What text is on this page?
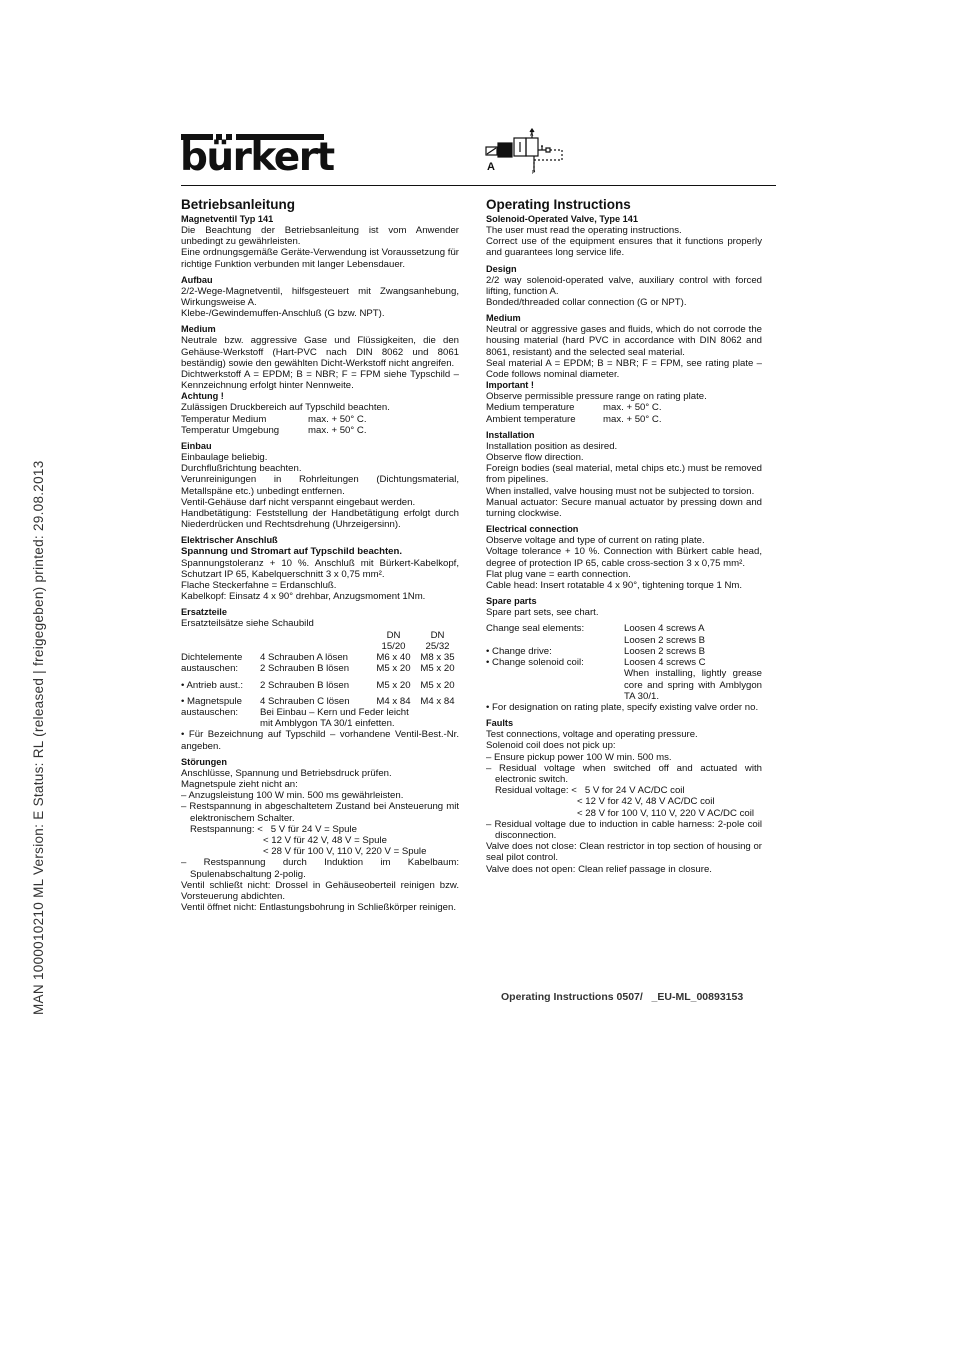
MAN 1000010210 ML Version: E Status: RL (released | freigegeben) printed: 29.08.2013
bürkert	A
A
P
Betriebsanleitung
Magnetventil Typ 141
Die Beachtung der Betriebsanleitung ist vom Anwender unbedingt zu gewährleisten.
Eine ordnungsgemäße Geräte-Verwendung ist Voraussetzung für richtige Funktion verbunden mit langer Lebensdauer.
Aufbau
2/2-Wege-Magnetventil, hilfsgesteuert mit Zwangsanhebung, Wirkungsweise A.
Klebe-/Gewindemuffen-Anschluß (G bzw. NPT).
Medium
Neutrale bzw. aggressive Gase und Flüssigkeiten, die den Gehäuse-Werkstoff (Hart-PVC nach DIN 8062 und 8061 beständig) sowie den gewählten Dicht-Werkstoff nicht angreifen.
Dichtwerkstoff A = EPDM; B = NBR; F = FPM siehe Typschild – Kennzeichnung erfolgt hinter Nennweite.
Achtung !
Zulässigen Druckbereich auf Typschild beachten.
Temperatur Medium	max. + 50° C.
Temperatur Umgebung	max. + 50° C.
Einbau
Einbaulage beliebig.
Durchflußrichtung beachten.
Verunreinigungen in Rohrleitungen (Dichtungsmaterial, Metallspäne etc.) unbedingt entfernen.
Ventil-Gehäuse darf nicht verspannt eingebaut werden.
Handbetätigung: Feststellung der Handbetätigung erfolgt durch Niederdrücken und Rechtsdrehung (Uhrzeigersinn).
Elektrischer Anschluß
Spannung und Stromart auf Typschild beachten.
Spannungstoleranz + 10 %. Anschluß mit Bürkert-Kabelkopf, Schutzart IP 65, Kabelquerschnitt 3 x 0,75 mm².
Flache Steckerfahne = Erdanschluß.
Kabelkopf: Einsatz 4 x 90° drehbar, Anzugsmoment 1Nm.
Ersatzteile
Ersatzteilsätze siehe Schaubild
		DN	DN
		15/20	25/32
Dichtelemente	4 Schrauben A lösen	M6 x 40	M8 x 35
austauschen:	2 Schrauben B lösen	M5 x 20	M5 x 20

• Antrieb aust.:	2 Schrauben B lösen	M5 x 20	M5 x 20

• Magnetspule	4 Schrauben C lösen	M4 x 84	M4 x 84
austauschen:	Bei Einbau – Kern und Feder leicht mit Amblygon TA 30/1 einfetten.		
• Für Bezeichnung auf Typschild – vorhandene Ventil-Best.-Nr. angeben.
Störungen
Anschlüsse, Spannung und Betriebsdruck prüfen.
Magnetspule zieht nicht an:
– Anzugsleistung 100 W min. 500 ms gewährleisten.
– Restspannung in abgeschaltetem Zustand bei Ansteuerung mit elektronischem Schalter.
Restspannung: <   5 V für 24 V = Spule
< 12 V für 42 V, 48 V = Spule
< 28 V für 100 V, 110 V, 220 V = Spule
– Restspannung durch Induktion im Kabelbaum: Spulenabschaltung 2-polig.
Ventil schließt nicht: Drossel in Gehäuseoberteil reinigen bzw. Vorsteuerung abdichten.
Ventil öffnet nicht: Entlastungsbohrung in Schließkörper reinigen.
Operating Instructions
Solenoid-Operated Valve, Type 141
The user must read the operating instructions.
Correct use of the equipment ensures that it functions properly and guarantees long service life.
Design
2/2 way solenoid-operated valve, auxiliary control with forced lifting, function A.
Bonded/threaded collar connection (G or NPT).
Medium
Neutral or aggressive gases and fluids, which do not corrode the housing material (hard PVC in accordance with DIN 8062 and 8061, resistant) and the selected seal material.
Seal material A = EPDM; B = NBR; F = FPM, see rating plate – Code follows nominal diameter.
Important !
Observe permissible pressure range on rating plate.
Medium temperature	max. + 50° C.
Ambient temperature	max. + 50° C.
Installation
Installation position as desired.
Observe flow direction.
Foreign bodies (seal material, metal chips etc.) must be removed from pipelines.
When installed, valve housing must not be subjected to torsion.
Manual actuator: Secure manual actuator by pressing down and turning clockwise.
Electrical connection
Observe voltage and type of current on rating plate.
Voltage tolerance + 10 %. Connection with Bürkert cable head, degree of protection IP 65, cable cross-section 3 x 0,75 mm².
Flat plug vane = earth connection.
Cable head: Insert rotatable 4 x 90°, tightening torque 1 Nm.
Spare parts
Spare part sets, see chart.
Change seal elements:	Loosen 4 screws A
	Loosen 2 screws B
• Change drive:	Loosen 2 screws B
• Change solenoid coil:	Loosen 4 screws C
	When installing, lightly grease core and spring with Amblygon TA 30/1.
• For designation on rating plate, specify existing valve order no.
Faults
Test connections, voltage and operating pressure.
Solenoid coil does not pick up:
– Ensure pickup power 100 W min. 500 ms.
– Residual voltage when switched off and actuated with electronic switch.
Residual voltage: <   5 V for 24 V AC/DC coil
< 12 V for 42 V, 48 V AC/DC coil
< 28 V for 100 V, 110 V, 220 V AC/DC coil
– Residual voltage due to induction in cable harness: 2-pole coil disconnection.
Valve does not close: Clean restrictor in top section of housing or seal pilot control.
Valve does not open: Clean relief passage in closure.
Operating Instructions 0507/   _EU-ML_00893153
